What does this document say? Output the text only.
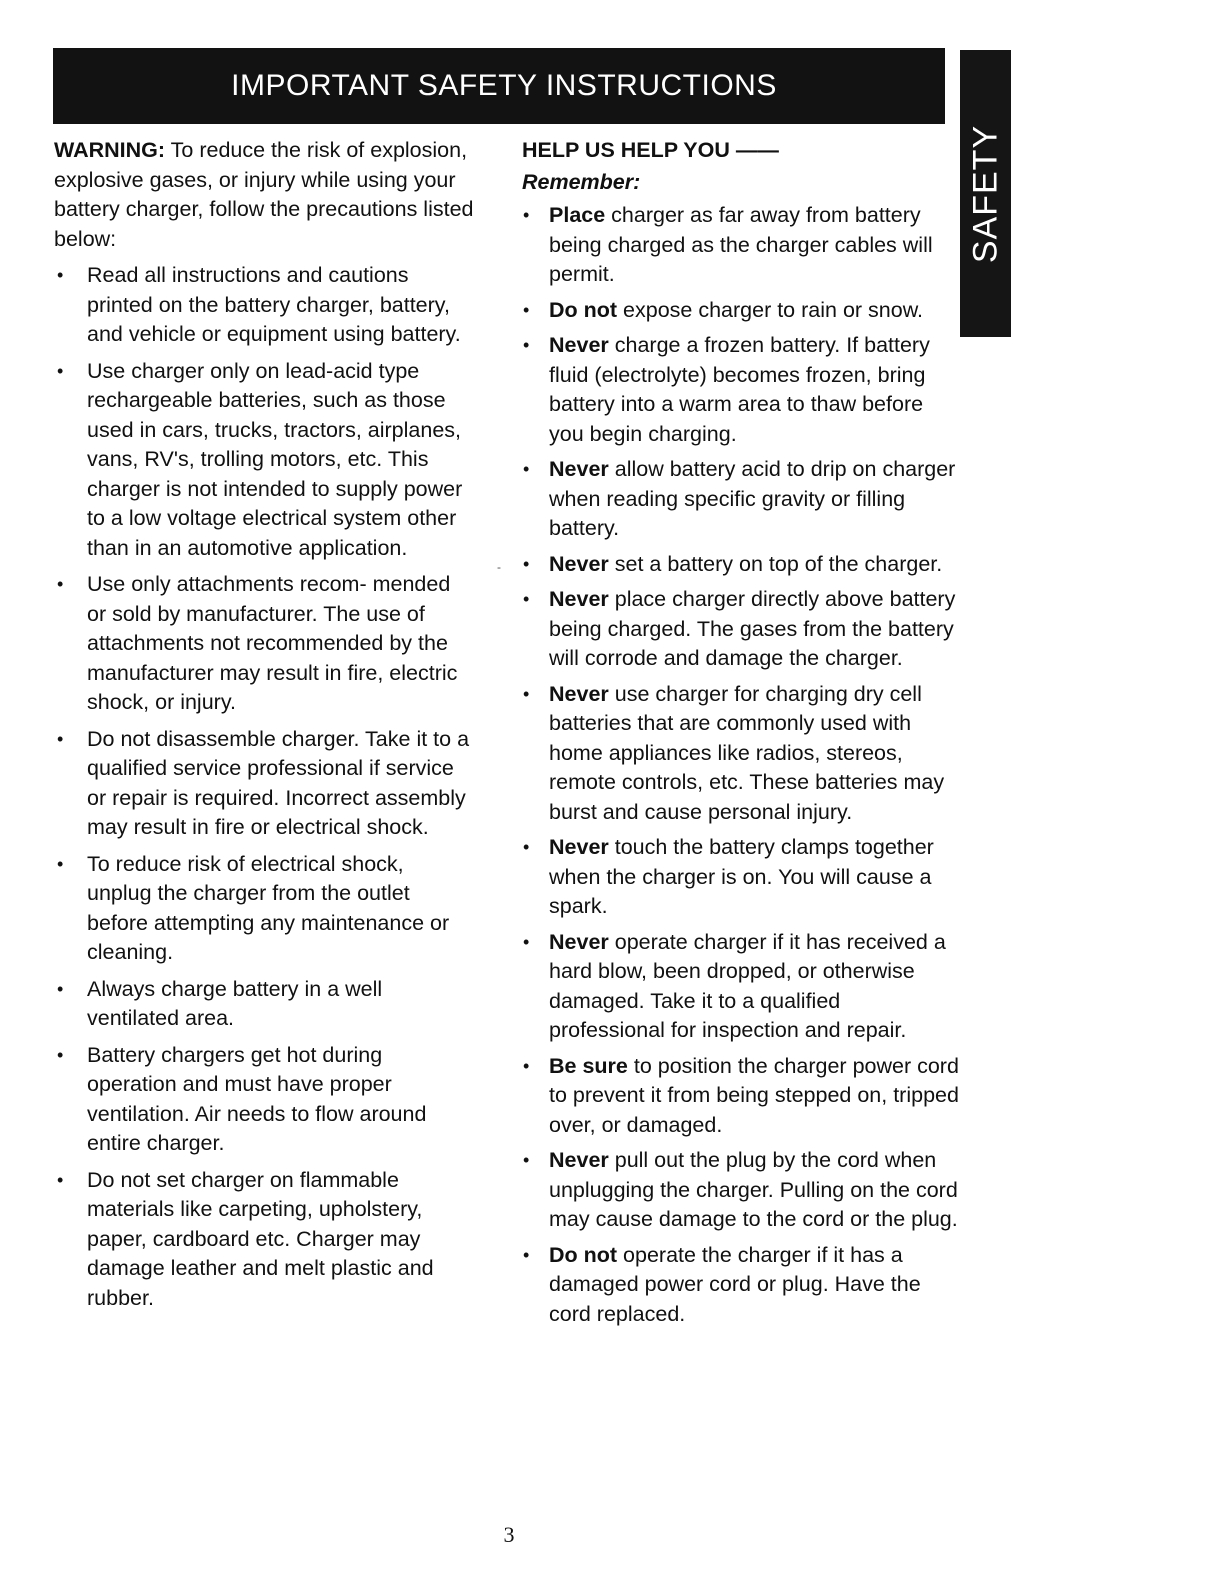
IMPORTANT SAFETY INSTRUCTIONS
SAFETY
-

WARNING: To reduce the risk of explosion, explosive gases, or injury while using your battery charger, follow the precautions listed below:

•	Read all instructions and cautions printed on the battery charger, battery, and vehicle or equipment using battery.
•	Use charger only on lead-acid type rechargeable batteries, such as those used in cars, trucks, tractors, airplanes, vans, RV's, trolling motors, etc. This charger is not intended to supply power to a low voltage electrical system other than in an automotive application.
•	Use only attachments recom- mended or sold by manufacturer. The use of attachments not recommended by the manufacturer may result in fire, electric shock, or injury.
•	Do not disassemble charger. Take it to a qualified service professional if service or repair is required. Incorrect assembly may result in fire or electrical shock.
•	To reduce risk of electrical shock, unplug the charger from the outlet before attempting any maintenance or cleaning.
•	Always charge battery in a well ventilated area.
•	Battery chargers get hot during operation and must have proper ventilation. Air needs to flow around entire charger.
•	Do not set charger on flammable materials like carpeting, upholstery, paper, cardboard etc. Charger may damage leather and melt plastic and rubber.

HELP US HELP YOU ——

Remember:

• Place charger as far away from battery being charged as the charger cables will permit.
• Do not expose charger to rain or snow.
• Never charge a frozen battery. If battery fluid (electrolyte) becomes frozen, bring battery into a warm area to thaw before you begin charging.
• Never allow battery acid to drip on charger when reading specific gravity or filling battery.
• Never set a battery on top of the charger.
• Never place charger directly above battery being charged. The gases from the battery will corrode and damage the charger.
• Never use charger for charging dry cell batteries that are commonly used with home appliances like radios, stereos, remote controls, etc. These batteries may burst and cause personal injury.
• Never touch the battery clamps together when the charger is on. You will cause a spark.
• Never operate charger if it has received a hard blow, been dropped, or otherwise damaged. Take it to a qualified professional for inspection and repair.
• Be sure to position the charger power cord to prevent it from being stepped on, tripped over, or damaged.
• Never pull out the plug by the cord when unplugging the charger. Pulling on the cord may cause damage to the cord or the plug.
• Do not operate the charger if it has a damaged power cord or plug. Have the cord replaced.
3
